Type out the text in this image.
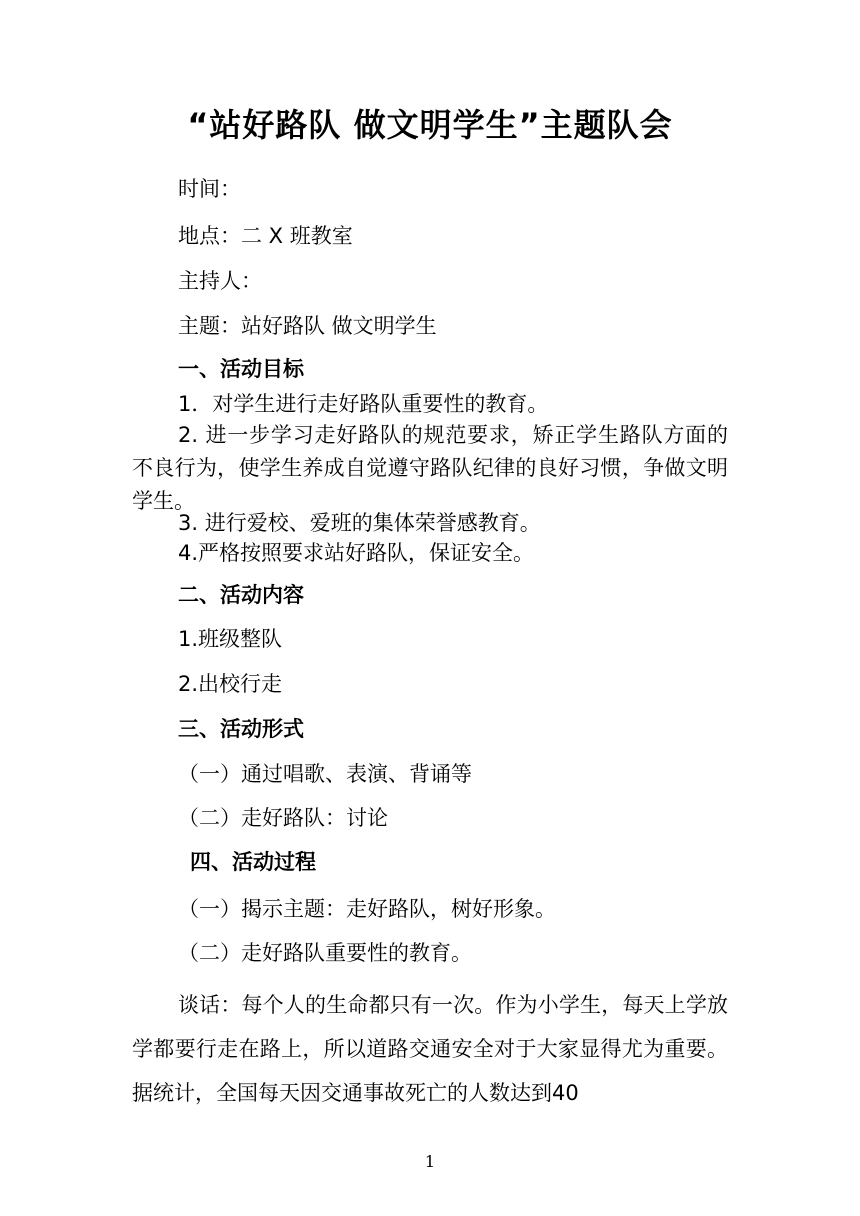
“站好路队 做文明学生”主题队会
时间：
地点：二 X 班教室
主持人：
主题：站好路队 做文明学生
一、活动目标
1．对学生进行走好路队重要性的教育。
2. 进一步学习走好路队的规范要求，矫正学生路队方面的不良行为，使学生养成自觉遵守路队纪律的良好习惯，争做文明学生。
3. 进行爱校、爱班的集体荣誉感教育。
4.严格按照要求站好路队，保证安全。
二、活动内容
1.班级整队
2.出校行走
三、活动形式
（一）通过唱歌、表演、背诵等
（二）走好路队：讨论
四、活动过程
（一）揭示主题：走好路队，树好形象。
（二）走好路队重要性的教育。
谈话：每个人的生命都只有一次。作为小学生，每天上学放学都要行走在路上，所以道路交通安全对于大家显得尤为重要。据统计，全国每天因交通事故死亡的人数达到40
1
